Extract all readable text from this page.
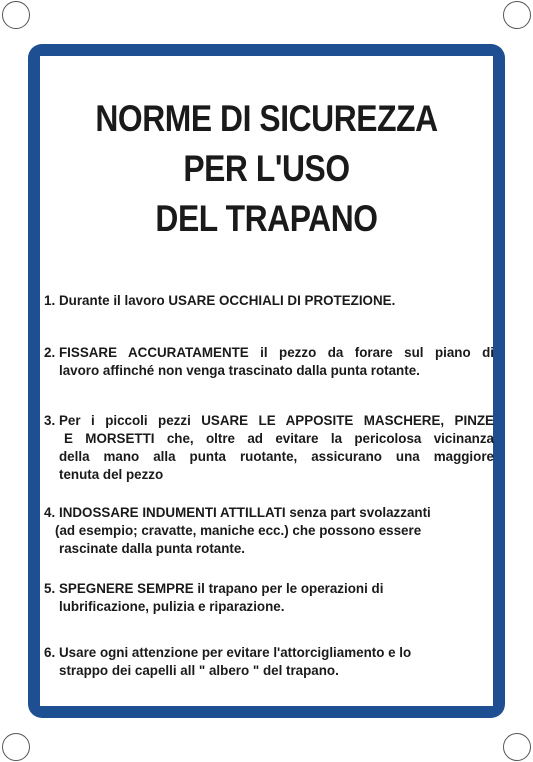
NORME DI SICUREZZA
PER L'USO
DEL TRAPANO
1. Durante il lavoro USARE OCCHIALI DI PROTEZIONE.
2. FISSARE ACCURATAMENTE il pezzo da forare sul piano di
lavoro affinché non venga trascinato dalla punta rotante.
3. Per i piccoli pezzi USARE LE APPOSITE MASCHERE, PINZE
E MORSETTI che, oltre ad evitare la pericolosa vicinanza
della mano alla punta ruotante, assicurano una maggiore
tenuta del pezzo
4. INDOSSARE INDUMENTI ATTILLATI senza part svolazzanti
(ad esempio; cravatte, maniche ecc.) che possono essere
rascinate dalla punta rotante.
5. SPEGNERE SEMPRE il trapano per le operazioni di
lubrificazione, pulizia e riparazione.
6. Usare ogni attenzione per evitare l'attorcigliamento e lo
strappo dei capelli all " albero " del trapano.
